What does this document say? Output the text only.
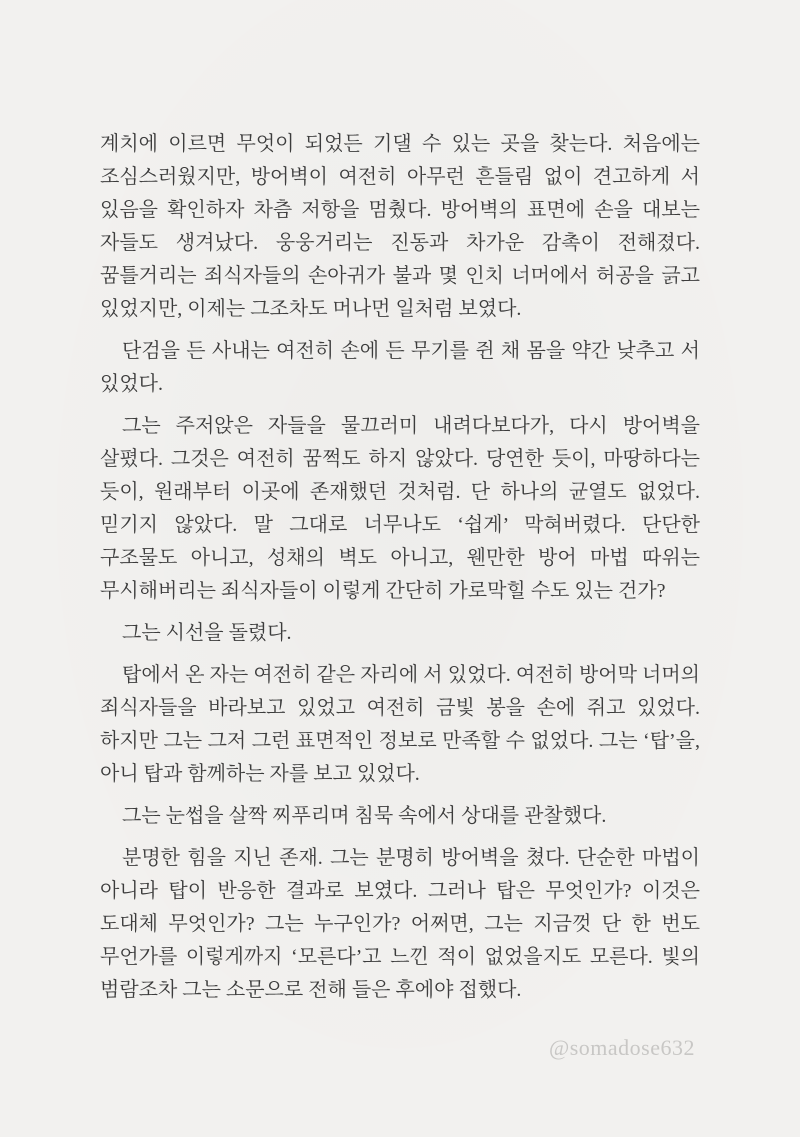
계치에 이르면 무엇이 되었든 기댈 수 있는 곳을 찾는다. 처음에는 조심스러웠지만, 방어벽이 여전히 아무런 흔들림 없이 견고하게 서 있음을 확인하자 차츰 저항을 멈췄다. 방어벽의 표면에 손을 대보는 자들도 생겨났다. 웅웅거리는 진동과 차가운 감촉이 전해졌다. 꿈틀거리는 죄식자들의 손아귀가 불과 몇 인치 너머에서 허공을 긁고 있었지만, 이제는 그조차도 머나먼 일처럼 보였다.

단검을 든 사내는 여전히 손에 든 무기를 쥔 채 몸을 약간 낮추고 서 있었다.

그는 주저앉은 자들을 물끄러미 내려다보다가, 다시 방어벽을 살폈다. 그것은 여전히 꿈쩍도 하지 않았다. 당연한 듯이, 마땅하다는 듯이, 원래부터 이곳에 존재했던 것처럼. 단 하나의 균열도 없었다. 믿기지 않았다. 말 그대로 너무나도 ‘쉽게’ 막혀버렸다. 단단한 구조물도 아니고, 성채의 벽도 아니고, 웬만한 방어 마법 따위는 무시해버리는 죄식자들이 이렇게 간단히 가로막힐 수도 있는 건가?

그는 시선을 돌렸다.

탑에서 온 자는 여전히 같은 자리에 서 있었다. 여전히 방어막 너머의 죄식자들을 바라보고 있었고 여전히 금빛 봉을 손에 쥐고 있었다. 하지만 그는 그저 그런 표면적인 정보로 만족할 수 없었다. 그는 ‘탑’을, 아니 탑과 함께하는 자를 보고 있었다.

그는 눈썹을 살짝 찌푸리며 침묵 속에서 상대를 관찰했다.

분명한 힘을 지닌 존재. 그는 분명히 방어벽을 쳤다. 단순한 마법이 아니라 탑이 반응한 결과로 보였다. 그러나 탑은 무엇인가? 이것은 도대체 무엇인가? 그는 누구인가? 어쩌면, 그는 지금껏 단 한 번도 무언가를 이렇게까지 ‘모른다’고 느낀 적이 없었을지도 모른다. 빛의 범람조차 그는 소문으로 전해 들은 후에야 접했다.

@somadose632
